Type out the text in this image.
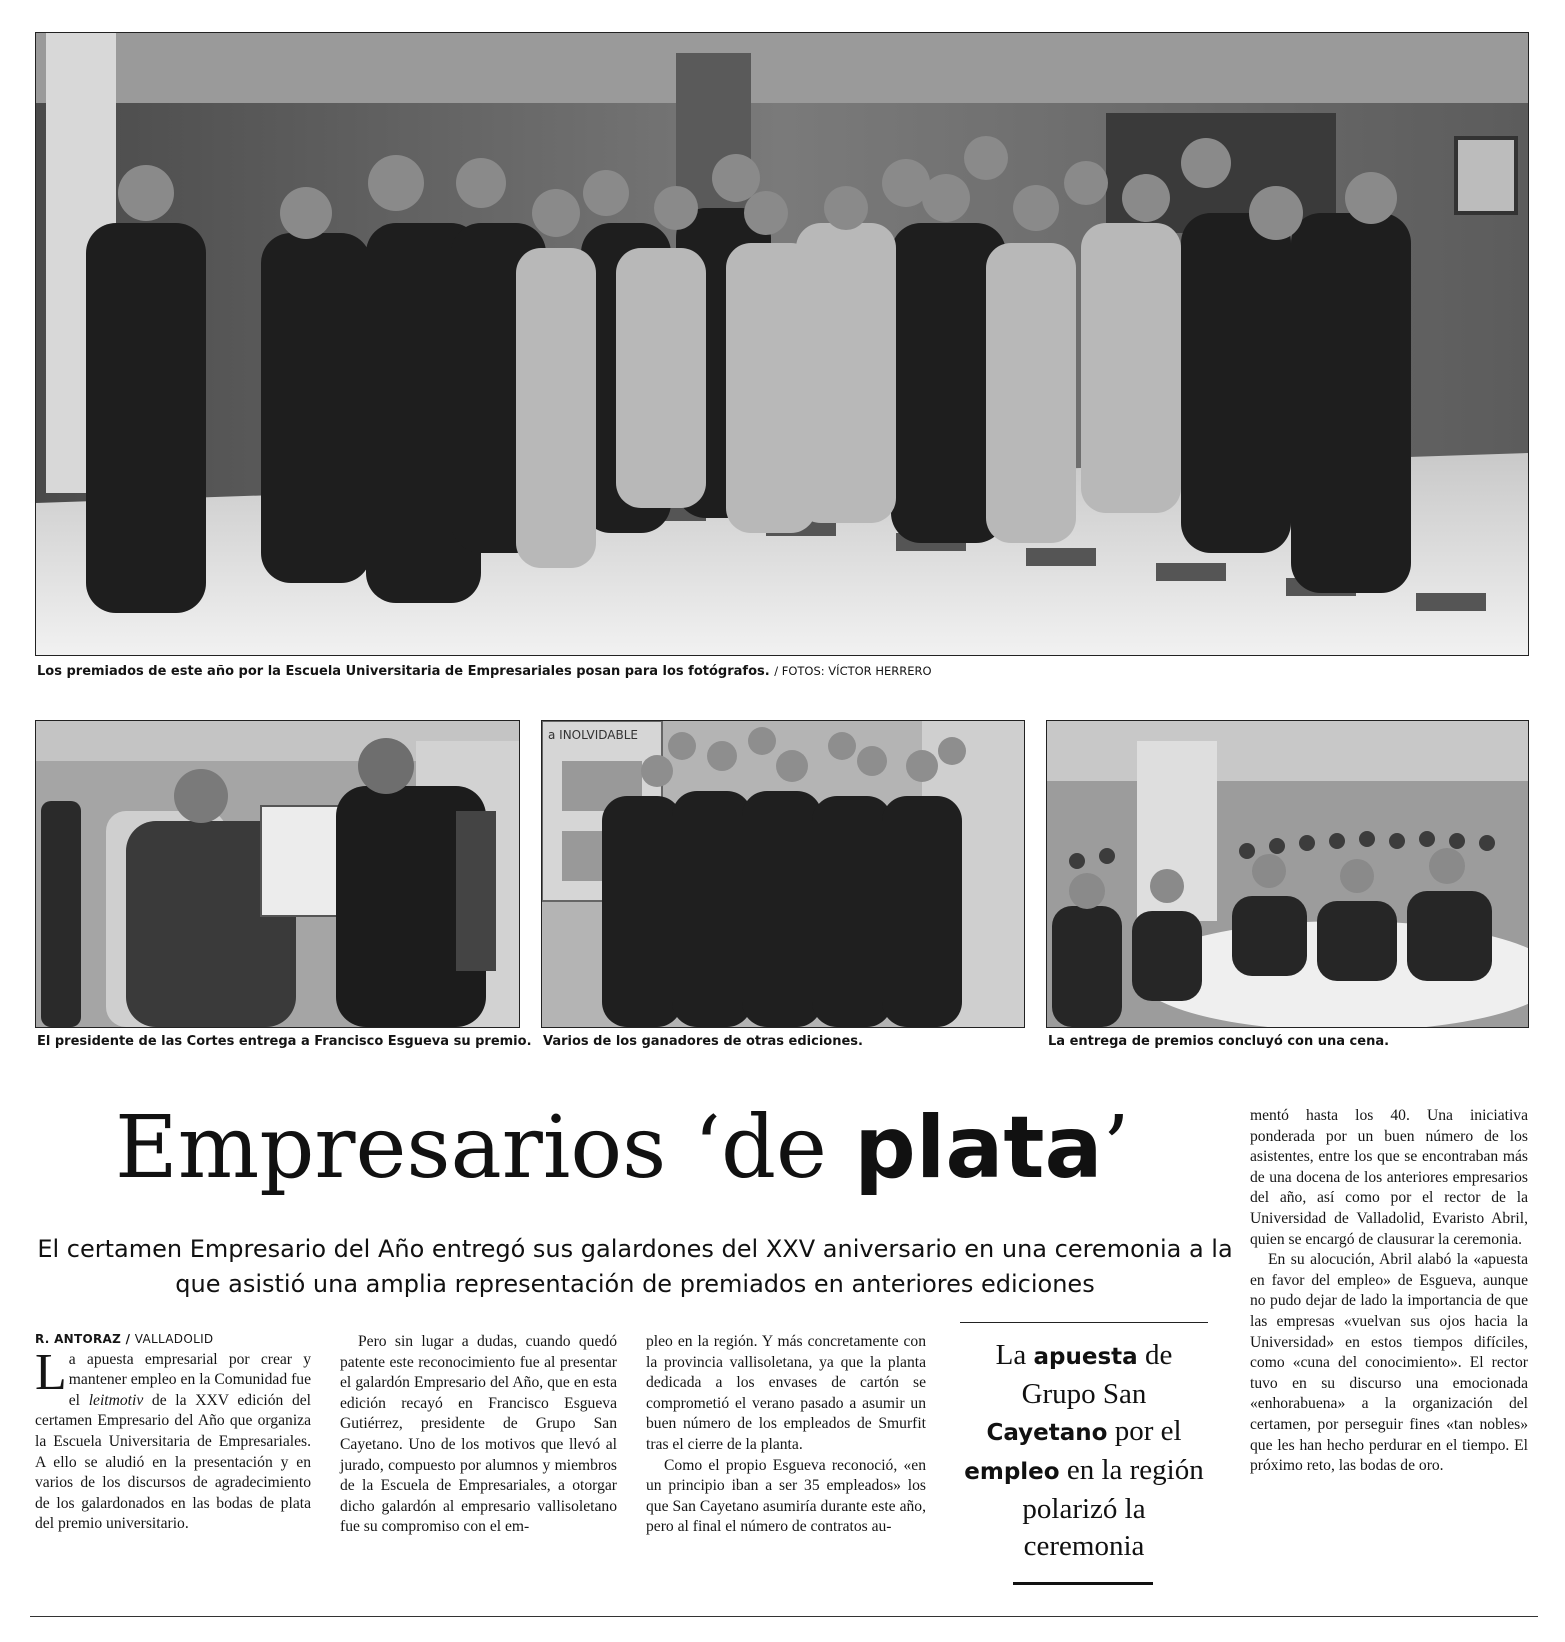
Los premiados de este año por la Escuela Universitaria de Empresariales posan para los fotógrafos. / FOTOS: VÍCTOR HERRERO
El presidente de las Cortes entrega a Francisco Esgueva su premio.
a INOLVIDABLE
Varios de los ganadores de otras ediciones.	La entrega de premios concluyó con una cena.
Empresarios ‘de plata’
El certamen Empresario del Año entregó sus galardones del XXV aniversario en una ceremonia a la que asistió una amplia representación de premiados en anteriores ediciones
R. ANTORAZ / VALLADOLID

La apuesta empresarial por crear y mantener empleo en la Comunidad fue el leitmotiv de la XXV edición del certamen Empresario del Año que organiza la Escuela Universitaria de Empresariales. A ello se aludió en la presentación y en varios de los discursos de agradecimiento de los galardonados en las bodas de plata del premio universitario.

Pero sin lugar a dudas, cuando quedó patente este reconocimiento fue al presentar el galardón Empresario del Año, que en esta edición recayó en Francisco Esgueva Gutiérrez, presidente de Grupo San Cayetano. Uno de los motivos que llevó al jurado, compuesto por alumnos y miembros de la Escuela de Empresariales, a otorgar dicho galardón al empresario vallisoletano fue su compromiso con el em-

pleo en la región. Y más concretamente con la provincia vallisoletana, ya que la planta dedicada a los envases de cartón se comprometió el verano pasado a asumir un buen número de los empleados de Smurfit tras el cierre de la planta.

Como el propio Esgueva reconoció, «en un principio iban a ser 35 empleados» los que San Cayetano asumiría durante este año, pero al final el número de contratos au-

La apuesta de Grupo San Cayetano por el empleo en la región polarizó la ceremonia

mentó hasta los 40. Una iniciativa ponderada por un buen número de los asistentes, entre los que se encontraban más de una docena de los anteriores empresarios del año, así como por el rector de la Universidad de Valladolid, Evaristo Abril, quien se encargó de clausurar la ceremonia.

En su alocución, Abril alabó la «apuesta en favor del empleo» de Esgueva, aunque no pudo dejar de lado la importancia de que las empresas «vuelvan sus ojos hacia la Universidad» en estos tiempos difíciles, como «cuna del conocimiento». El rector tuvo en su discurso una emocionada «enhorabuena» a la organización del certamen, por perseguir fines «tan nobles» que les han hecho perdurar en el tiempo. El próximo reto, las bodas de oro.
